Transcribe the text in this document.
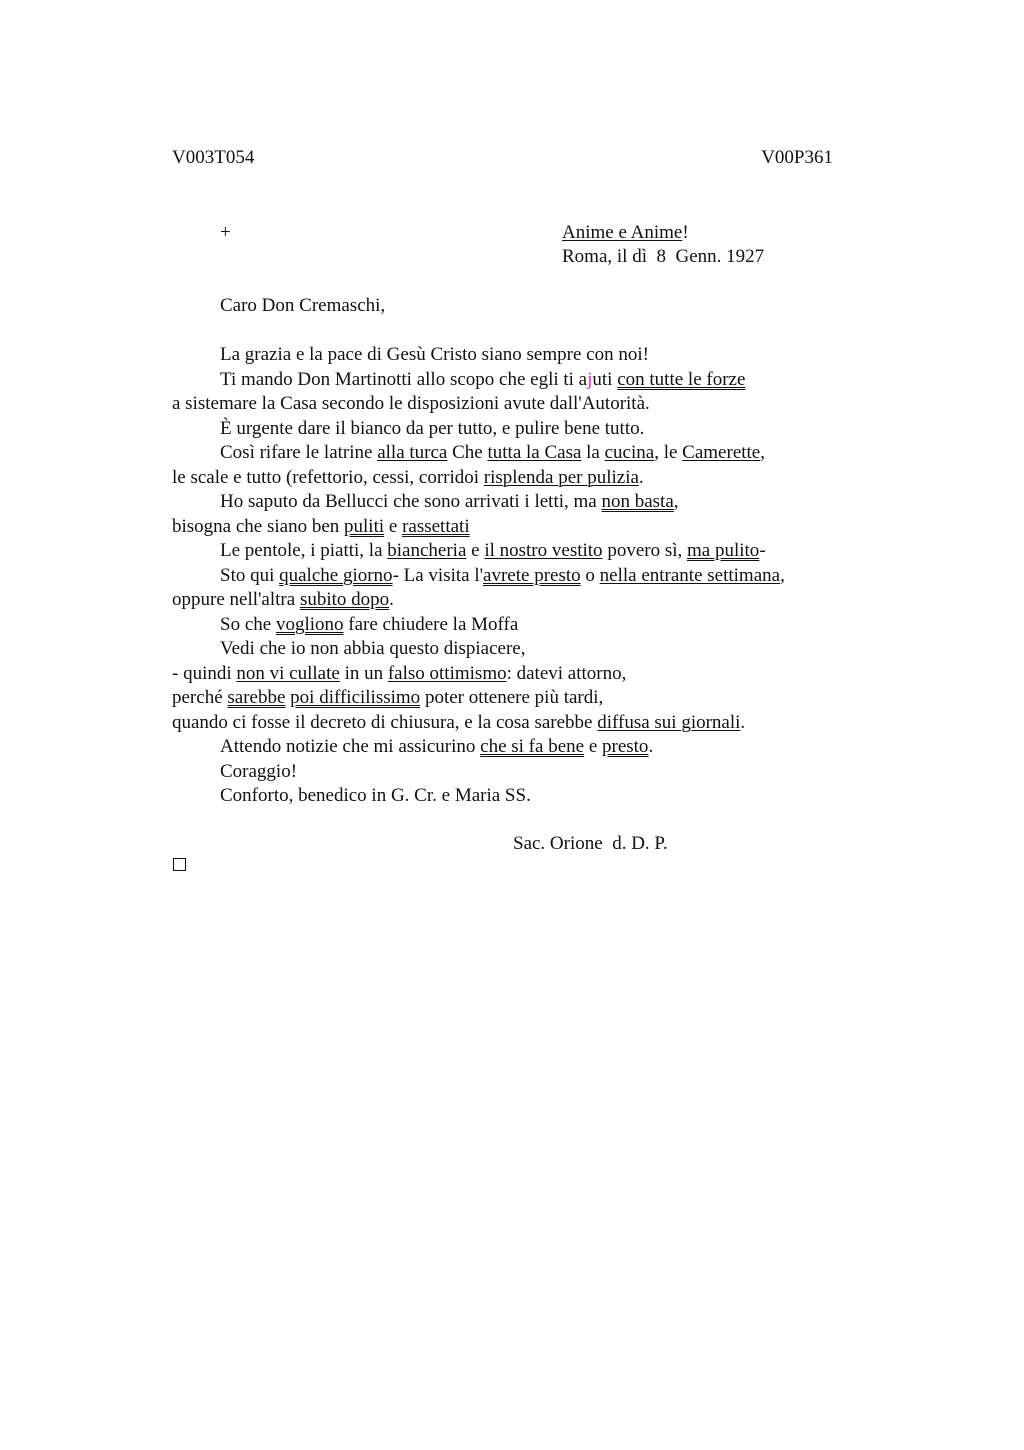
V003T054	V00P361
+	Anime e Anime!
Roma, il dì  8  Genn. 1927
Caro Don Cremaschi,
La grazia e la pace di Gesù Cristo siano sempre con noi!
Ti mando Don Martinotti allo scopo che egli ti ajuti con tutte le forze
a sistemare la Casa secondo le disposizioni avute dall'Autorità.
È urgente dare il bianco da per tutto, e pulire bene tutto.
Così rifare le latrine alla turca Che tutta la Casa la cucina, le Camerette,
le scale e tutto (refettorio, cessi, corridoi risplenda per pulizia.
Ho saputo da Bellucci che sono arrivati i letti, ma non basta,
bisogna che siano ben puliti e rassettati
Le pentole, i piatti, la biancheria e il nostro vestito povero sì, ma pulito-
Sto qui qualche giorno- La visita l'avrete presto o nella entrante settimana,
oppure nell'altra subito dopo.
So che vogliono fare chiudere la Moffa
Vedi che io non abbia questo dispiacere,
- quindi non vi cullate in un falso ottimismo: datevi attorno,
perché sarebbe poi difficilissimo poter ottenere più tardi,
quando ci fosse il decreto di chiusura, e la cosa sarebbe diffusa sui giornali.
Attendo notizie che mi assicurino che si fa bene e presto.
Coraggio!
Conforto, benedico in G. Cr. e Maria SS.
Sac. Orione  d. D. P.
